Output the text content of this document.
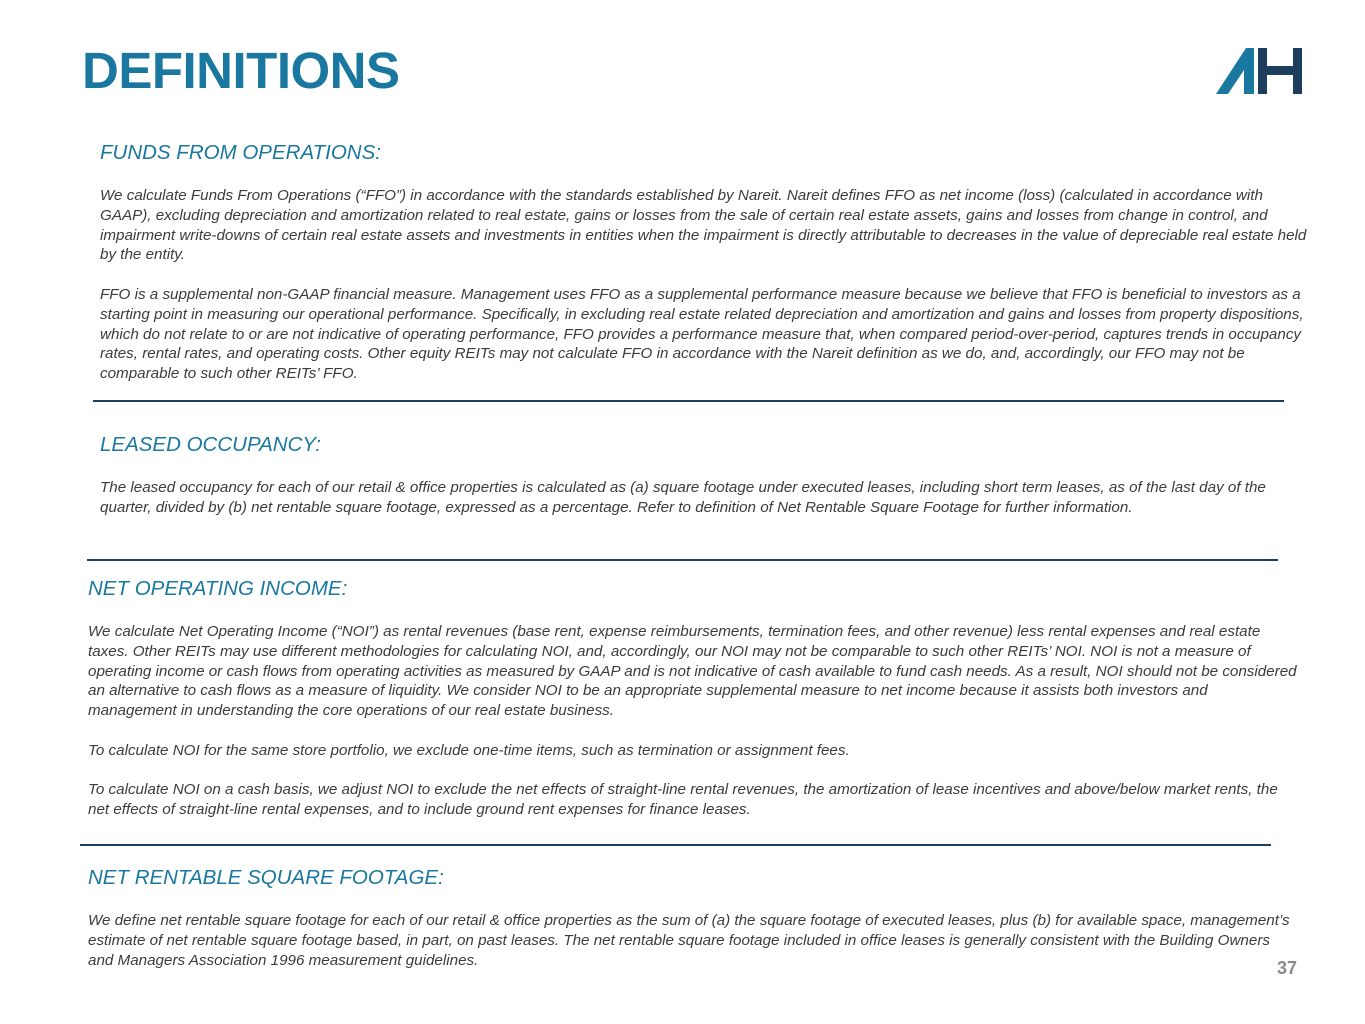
DEFINITIONS
FUNDS FROM OPERATIONS:

We calculate Funds From Operations (“FFO”) in accordance with the standards established by Nareit. Nareit defines FFO as net income (loss) (calculated in accordance with GAAP), excluding depreciation and amortization related to real estate, gains or losses from the sale of certain real estate assets, gains and losses from change in control, and impairment write-downs of certain real estate assets and investments in entities when the impairment is directly attributable to decreases in the value of depreciable real estate held by the entity.

FFO is a supplemental non-GAAP financial measure. Management uses FFO as a supplemental performance measure because we believe that FFO is beneficial to investors as a starting point in measuring our operational performance. Specifically, in excluding real estate related depreciation and amortization and gains and losses from property dispositions, which do not relate to or are not indicative of operating performance, FFO provides a performance measure that, when compared period-over-period, captures trends in occupancy rates, rental rates, and operating costs. Other equity REITs may not calculate FFO in accordance with the Nareit definition as we do, and, accordingly, our FFO may not be comparable to such other REITs’ FFO.

LEASED OCCUPANCY:

The leased occupancy for each of our retail & office properties is calculated as (a) square footage under executed leases, including short term leases, as of the last day of the quarter, divided by (b) net rentable square footage, expressed as a percentage. Refer to definition of Net Rentable Square Footage for further information.

NET OPERATING INCOME:

We calculate Net Operating Income (“NOI”) as rental revenues (base rent, expense reimbursements, termination fees, and other revenue) less rental expenses and real estate taxes. Other REITs may use different methodologies for calculating NOI, and, accordingly, our NOI may not be comparable to such other REITs’ NOI. NOI is not a measure of operating income or cash flows from operating activities as measured by GAAP and is not indicative of cash available to fund cash needs. As a result, NOI should not be considered an alternative to cash flows as a measure of liquidity. We consider NOI to be an appropriate supplemental measure to net income because it assists both investors and management in understanding the core operations of our real estate business.

To calculate NOI for the same store portfolio, we exclude one-time items, such as termination or assignment fees.

To calculate NOI on a cash basis, we adjust NOI to exclude the net effects of straight-line rental revenues, the amortization of lease incentives and above/below market rents, the net effects of straight-line rental expenses, and to include ground rent expenses for finance leases.

NET RENTABLE SQUARE FOOTAGE:

We define net rentable square footage for each of our retail & office properties as the sum of (a) the square footage of executed leases, plus (b) for available space, management’s estimate of net rentable square footage based, in part, on past leases. The net rentable square footage included in office leases is generally consistent with the Building Owners and Managers Association 1996 measurement guidelines.	37
